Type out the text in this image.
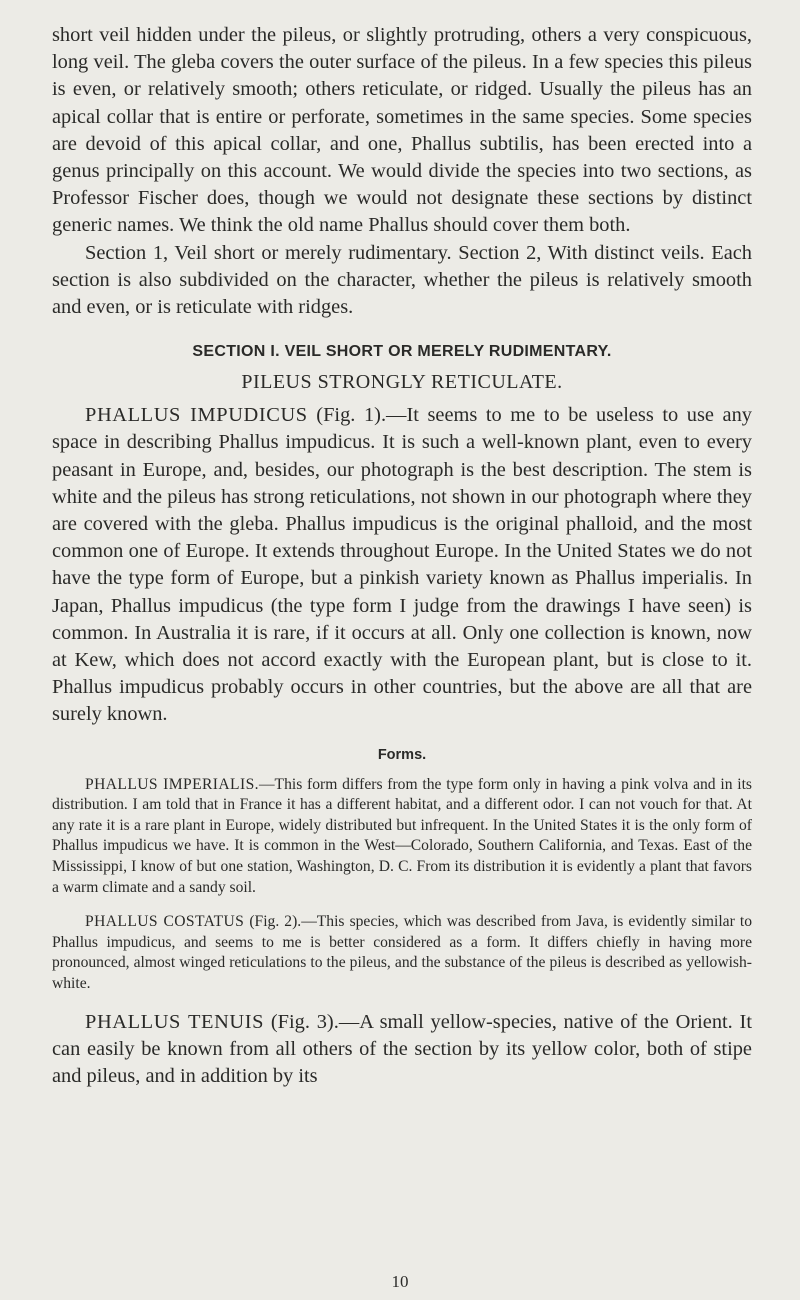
short veil hidden under the pileus, or slightly protruding, others a very conspicuous, long veil. The gleba covers the outer surface of the pileus. In a few species this pileus is even, or relatively smooth; others reticulate, or ridged. Usually the pileus has an apical collar that is entire or perforate, sometimes in the same species. Some species are devoid of this apical collar, and one, Phallus subtilis, has been erected into a genus principally on this account. We would divide the species into two sections, as Professor Fischer does, though we would not designate these sections by distinct generic names. We think the old name Phallus should cover them both.

Section 1, Veil short or merely rudimentary. Section 2, With distinct veils. Each section is also subdivided on the character, whether the pileus is relatively smooth and even, or is reticulate with ridges.

SECTION I. VEIL SHORT OR MERELY RUDIMENTARY.

PILEUS STRONGLY RETICULATE.

PHALLUS IMPUDICUS (Fig. 1).—It seems to me to be useless to use any space in describing Phallus impudicus. It is such a well-known plant, even to every peasant in Europe, and, besides, our photograph is the best description. The stem is white and the pileus has strong reticulations, not shown in our photograph where they are covered with the gleba. Phallus impudicus is the original phalloid, and the most common one of Europe. It extends throughout Europe. In the United States we do not have the type form of Europe, but a pinkish variety known as Phallus imperialis. In Japan, Phallus impudicus (the type form I judge from the drawings I have seen) is common. In Australia it is rare, if it occurs at all. Only one collection is known, now at Kew, which does not accord exactly with the European plant, but is close to it. Phallus impudicus probably occurs in other countries, but the above are all that are surely known.

Forms.

PHALLUS IMPERIALIS.—This form differs from the type form only in having a pink volva and in its distribution. I am told that in France it has a different habitat, and a different odor. I can not vouch for that. At any rate it is a rare plant in Europe, widely distributed but infrequent. In the United States it is the only form of Phallus impudicus we have. It is common in the West—Colorado, Southern California, and Texas. East of the Mississippi, I know of but one station, Washington, D. C. From its distribution it is evidently a plant that favors a warm climate and a sandy soil.

PHALLUS COSTATUS (Fig. 2).—This species, which was described from Java, is evidently similar to Phallus impudicus, and seems to me is better considered as a form. It differs chiefly in having more pronounced, almost winged reticulations to the pileus, and the substance of the pileus is described as yellowish-white.

PHALLUS TENUIS (Fig. 3).—A small yellow-species, native of the Orient. It can easily be known from all others of the section by its yellow color, both of stipe and pileus, and in addition by its

10
